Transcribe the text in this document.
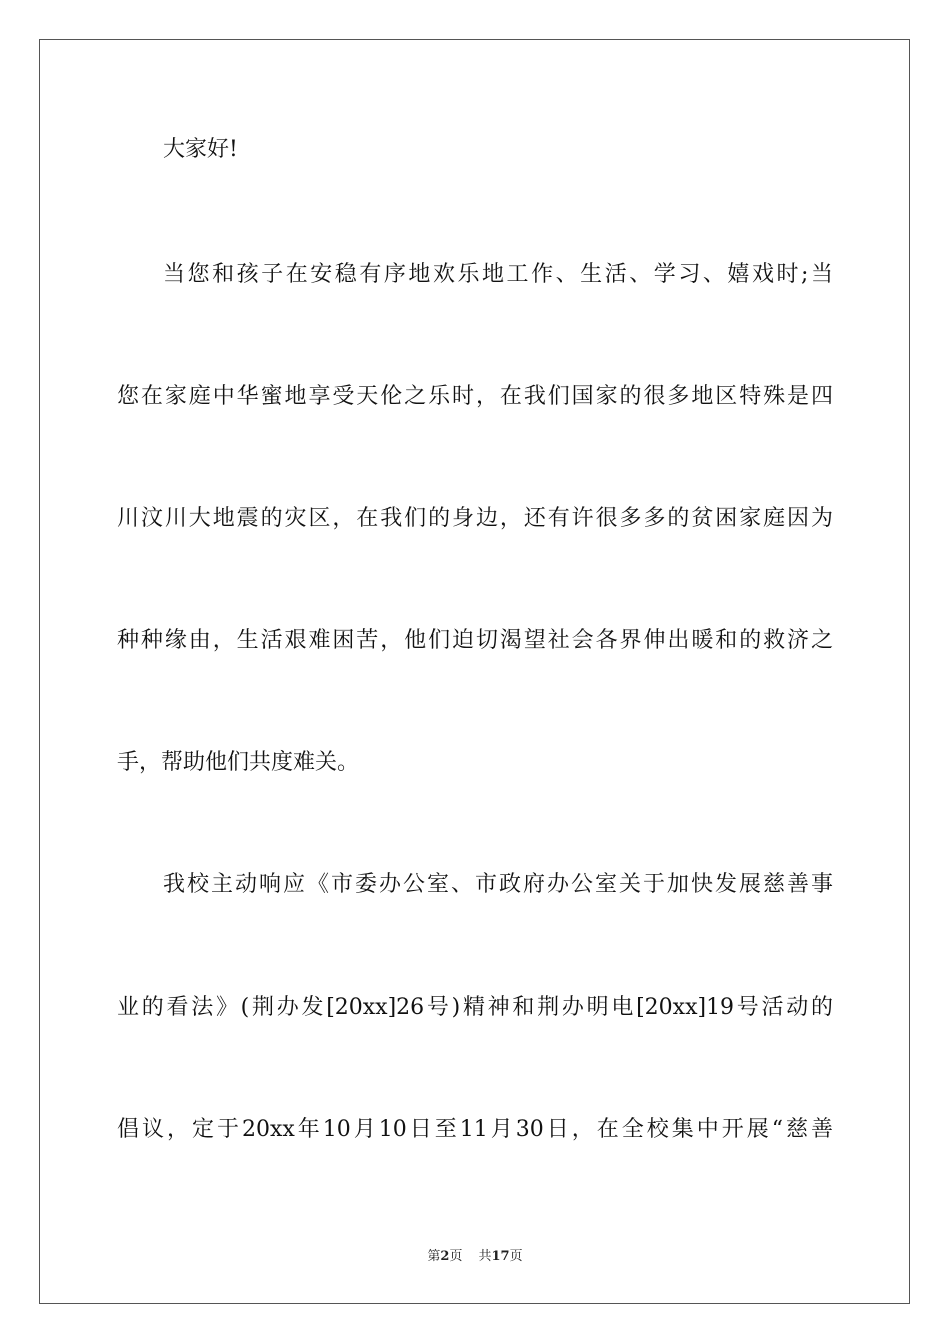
大家好!
当您和孩子在安稳有序地欢乐地工作、生活、学习、嬉戏时;当
您在家庭中华蜜地享受天伦之乐时，在我们国家的很多地区特殊是四
川汶川大地震的灾区，在我们的身边，还有许很多多的贫困家庭因为
种种缘由，生活艰难困苦，他们迫切渴望社会各界伸出暖和的救济之
手，帮助他们共度难关。
我校主动响应《市委办公室、市政府办公室关于加快发展慈善事
业的看法》(荆办发[20xx]26号)精神和荆办明电[20xx]19号活动的
倡议，定于20xx年10月10日至11月30日，在全校集中开展“慈善
第2页 共17页
